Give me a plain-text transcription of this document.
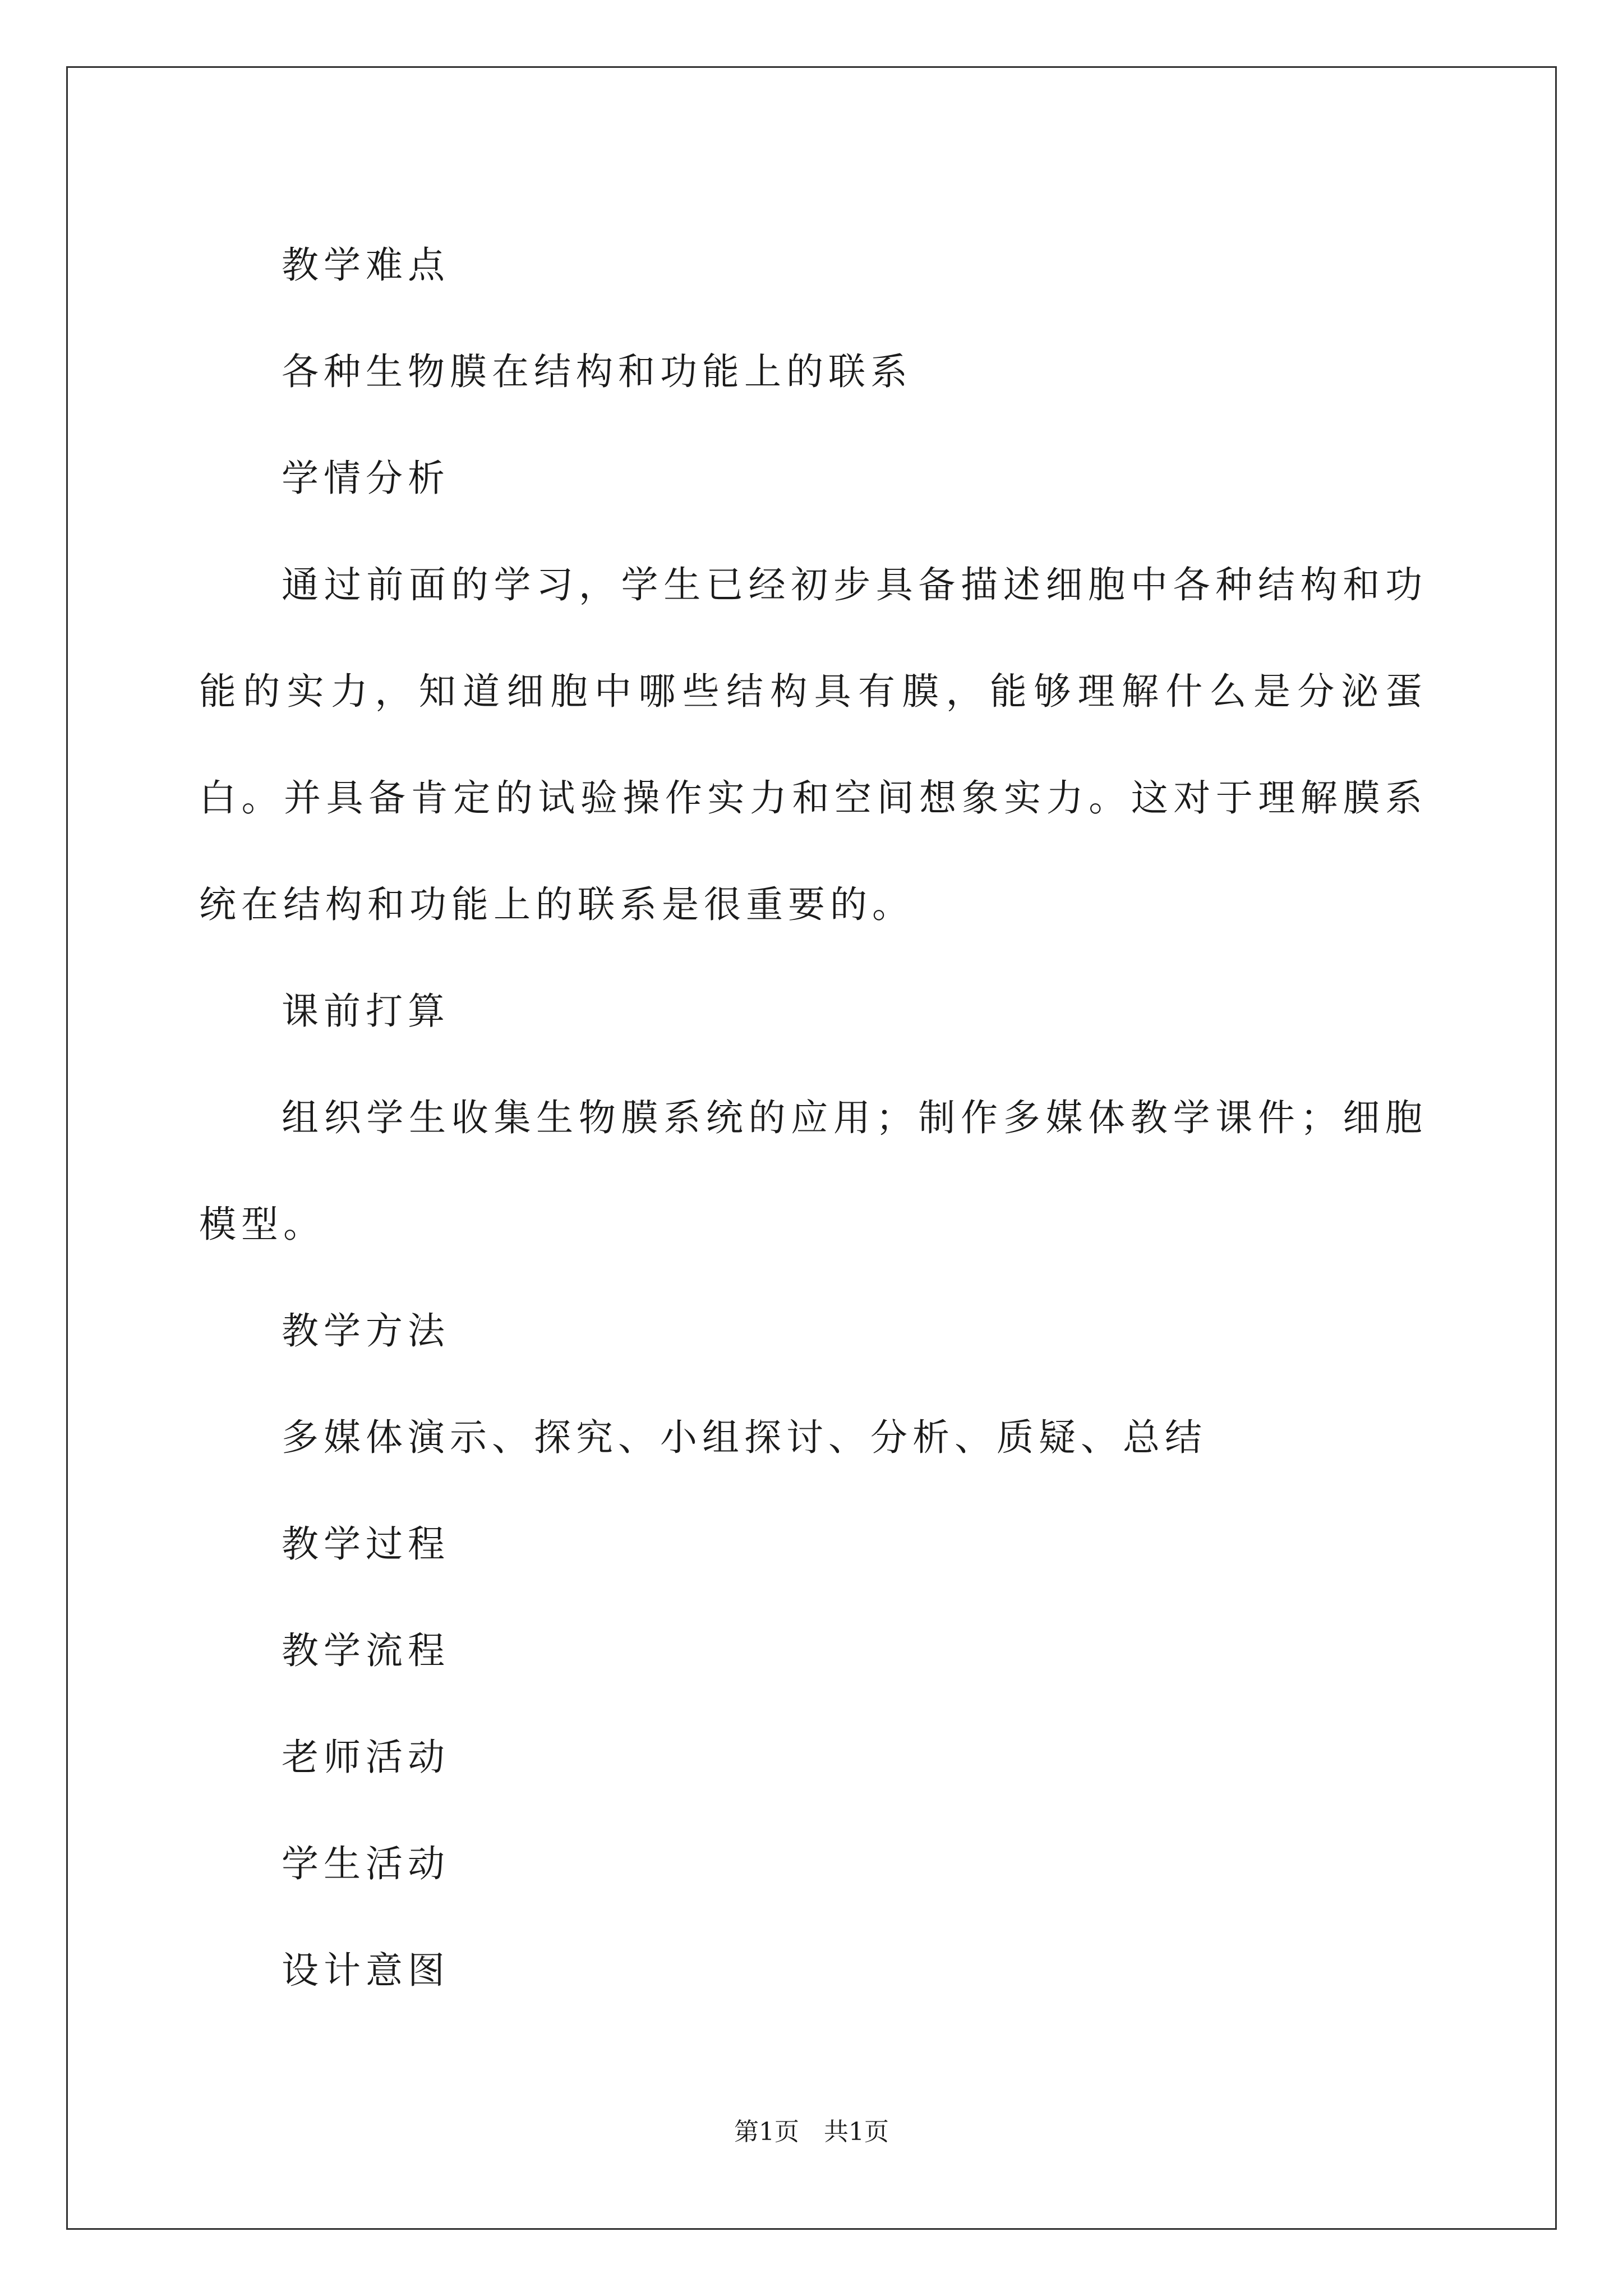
教学难点

各种生物膜在结构和功能上的联系

学情分析

通过前面的学习，学生已经初步具备描述细胞中各种结构和功能的实力，知道细胞中哪些结构具有膜，能够理解什么是分泌蛋白。并具备肯定的试验操作实力和空间想象实力。这对于理解膜系统在结构和功能上的联系是很重要的。

课前打算

组织学生收集生物膜系统的应用；制作多媒体教学课件；细胞模型。

教学方法

多媒体演示、探究、小组探讨、分析、质疑、总结

教学过程

教学流程

老师活动

学生活动

设计意图

第1页 共1页
